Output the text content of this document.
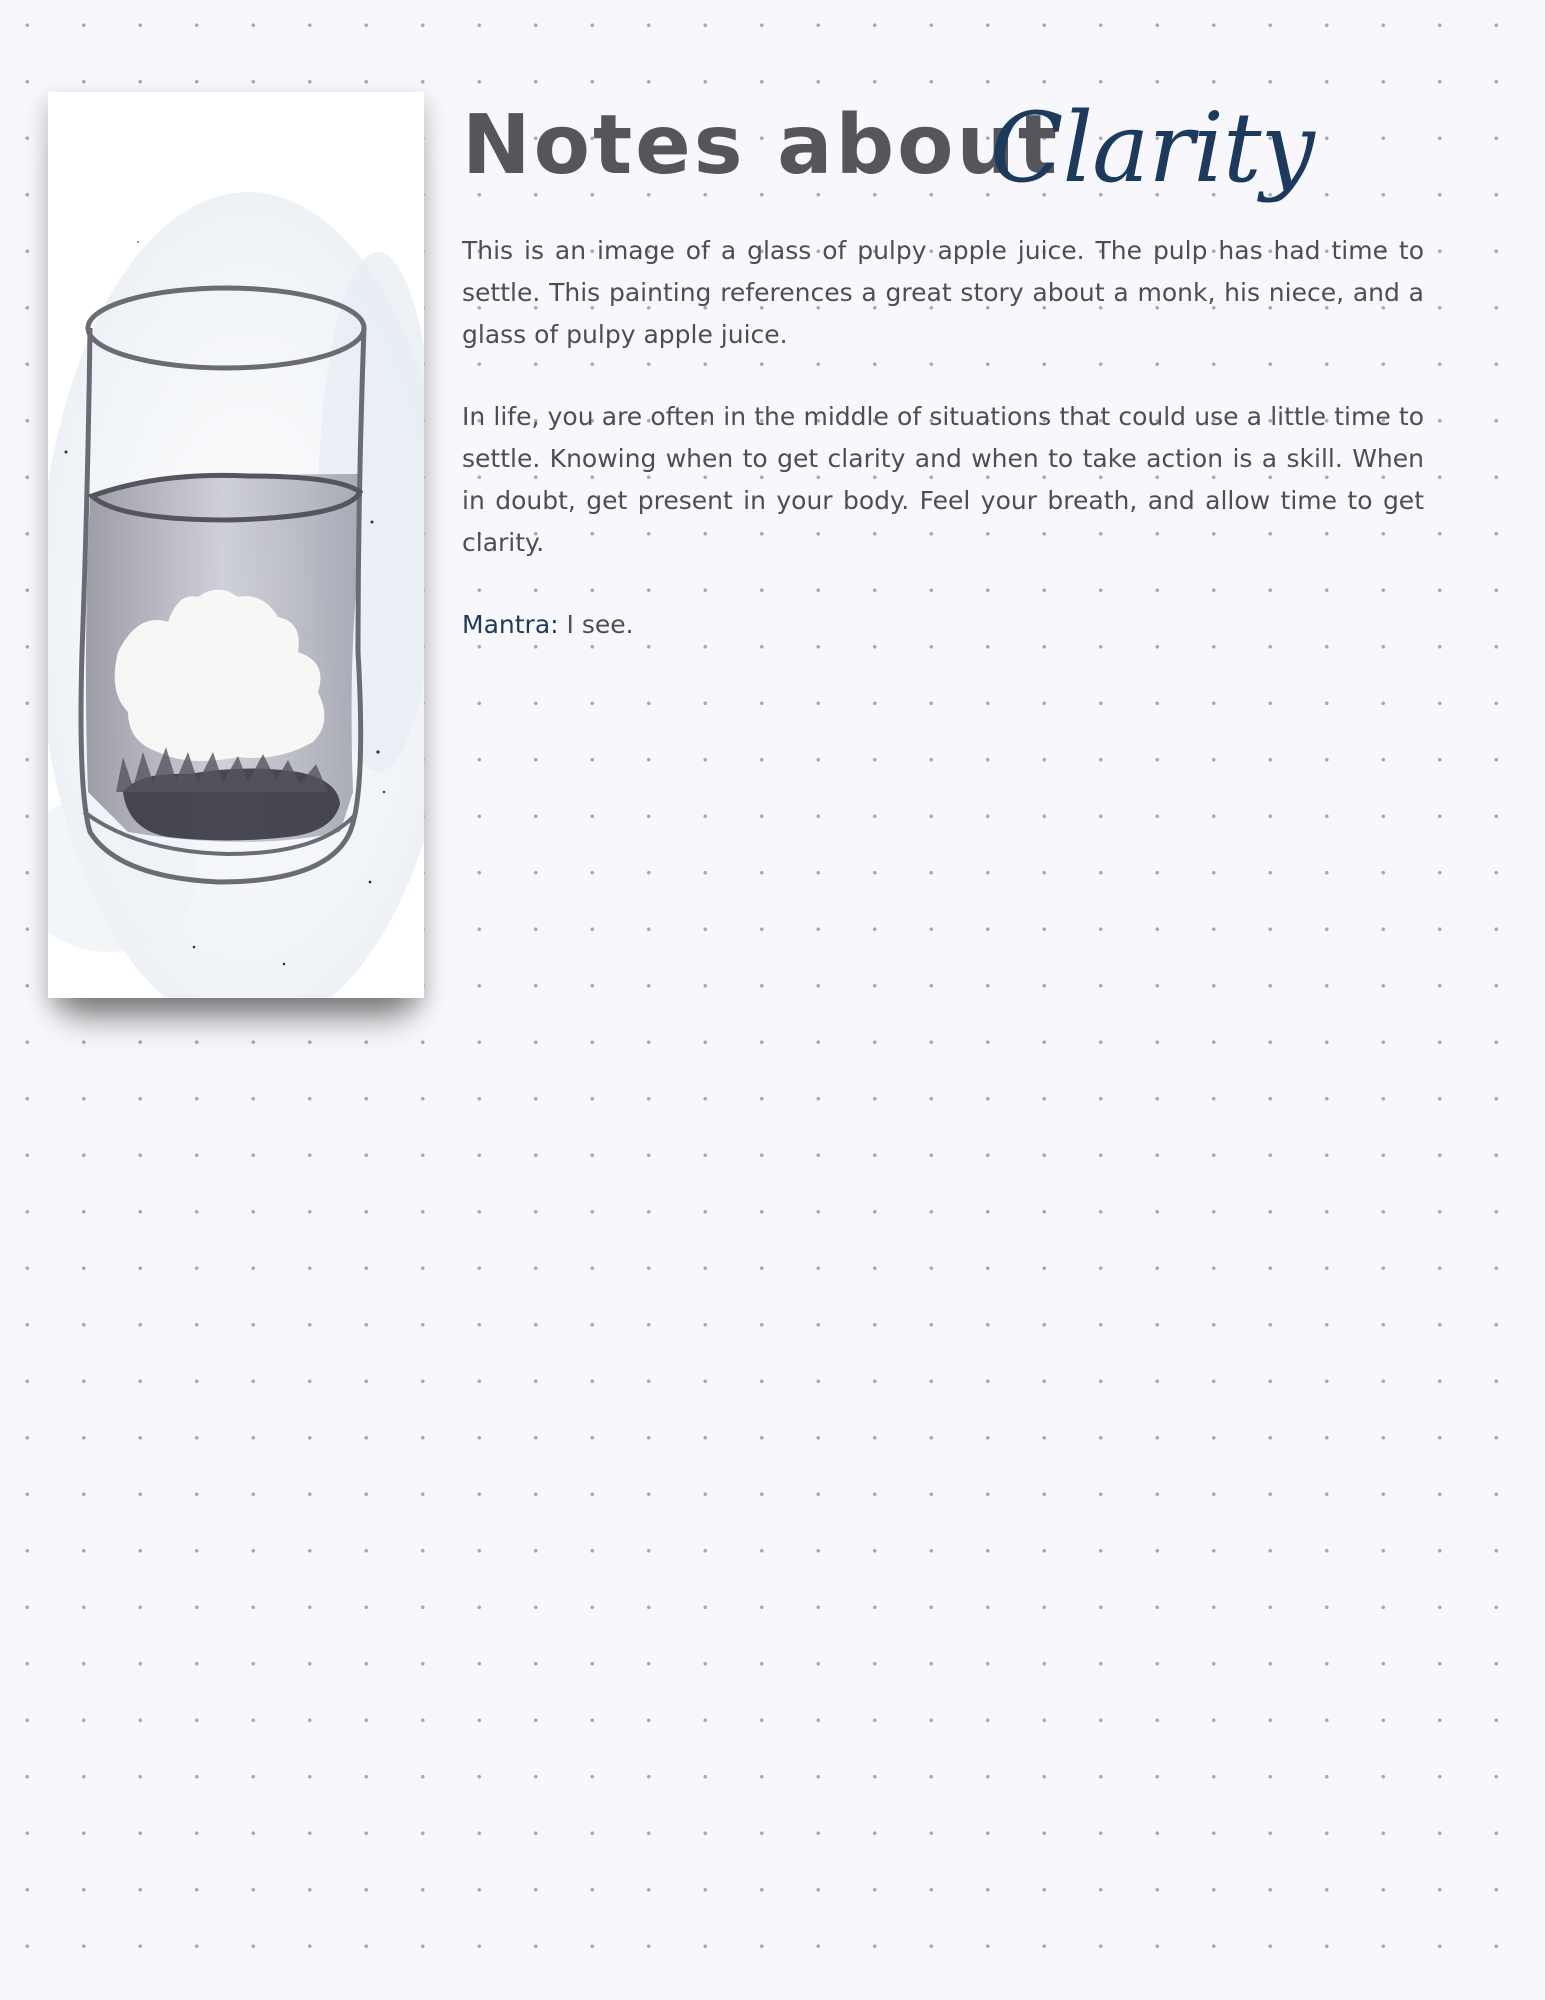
Notes about
Clarity

This is an image of a glass of pulpy apple juice. The pulp has had time to settle. This painting references a great story about a monk, his niece, and a glass of pulpy apple juice.

In life, you are often in the middle of situations that could use a little time to settle. Knowing when to get clarity and when to take action is a skill. When in doubt, get present in your body. Feel your breath, and allow time to get clarity.

Mantra: I see.
